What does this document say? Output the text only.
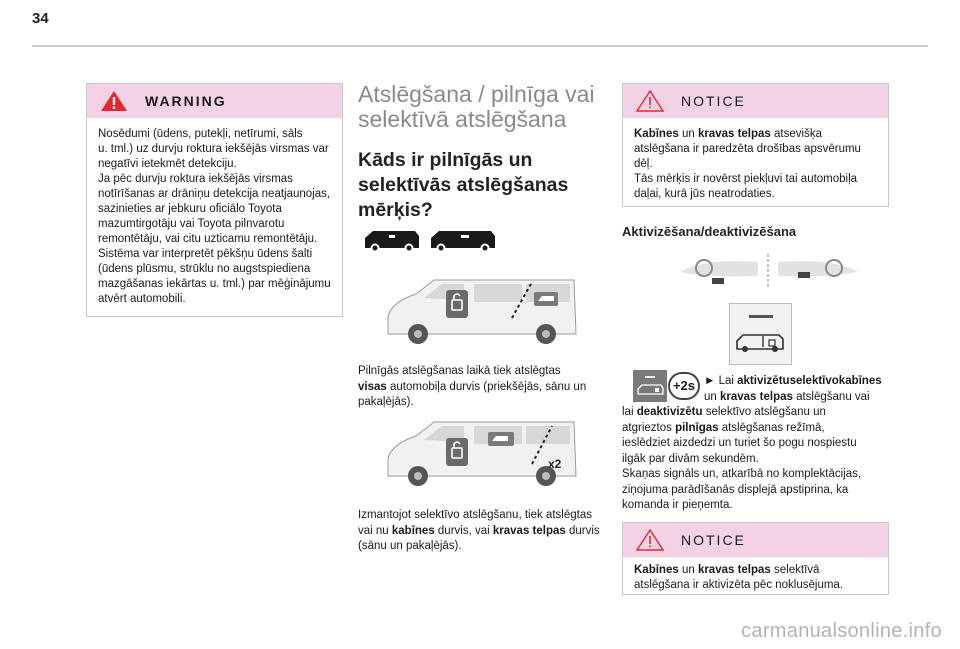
34
WARNING

Nosēdumi (ūdens, putekļi, netīrumi, sāls

u. tml.) uz durvju roktura iekšējās virsmas var

negatīvi ietekmēt detekciju.

Ja pēc durvju roktura iekšējās virsmas

notīrīšanas ar drāniņu detekcija neatjaunojas,

sazinieties ar jebkuru oficiālo Toyota

mazumtirgotāju vai Toyota pilnvarotu

remontētāju, vai citu uzticamu remontētāju.

Sistēma var interpretēt pēkšņu ūdens šalti

(ūdens plūsmu, strūklu no augstspiediena

mazgāšanas iekārtas u. tml.) par mēģinājumu

atvērt automobili.

Atslēgšana / pilnīga vai
selektīvā atslēgšana
Kāds ir pilnīgās un
selektīvās atslēgšanas
mērķis?
Pilnīgās atslēgšanas laikā tiek atslēgtas
visas automobiļa durvis (priekšējās, sānu un
pakaļējās).
x2
Izmantojot selektīvo atslēgšanu, tiek atslēgtas
vai nu kabīnes durvis, vai kravas telpas durvis
(sānu un pakaļējās).
NOTICE

Kabīnes un kravas telpas atsevišķa

atslēgšana ir paredzēta drošības apsvērumu

dēļ.

Tās mērķis ir novērst piekļuvi tai automobiļa

daļai, kurā jūs neatrodaties.

Aktivizēšana/deaktivizēšana
+2s ► Lai aktivizētuselektīvokabīnes
un kravas telpas atslēgšanu vai
lai deaktivizētu selektīvo atslēgšanu un
atgrieztos pilnīgas atslēgšanas režīmā,
ieslēdziet aizdedzi un turiet šo pogu nospiestu
ilgāk par divām sekundēm.
Skaņas signāls un, atkarībā no komplektācijas,
ziņojuma parādīšanās displejā apstiprina, ka
komanda ir pieņemta.
NOTICE

Kabīnes un kravas telpas selektīvā

atslēgšana ir aktivizēta pēc noklusējuma.

carmanualsonline.info
